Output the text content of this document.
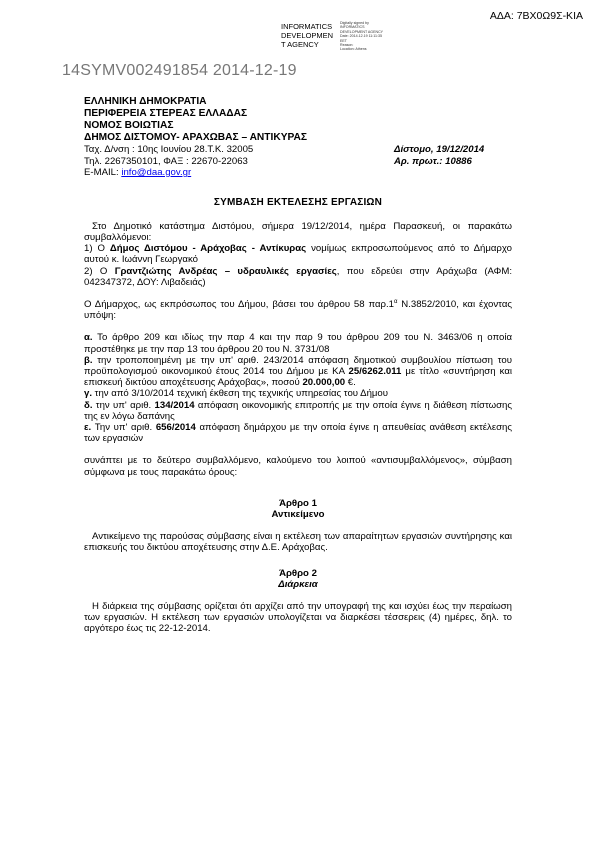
ΑΔΑ: 7ΒΧ0Ω9Σ-ΚΙΑ
INFORMATICS
DEVELOPMEN
T AGENCY
Digitally signed by
INFORMATICS
DEVELOPMENT AGENCY
Date: 2014.12.19 11:11:35
EET
Reason:
Location: Athens
14SYMV002491854 2014-12-19
ΕΛΛΗΝΙΚΗ ΔΗΜΟΚΡΑΤΙΑ
ΠΕΡΙΦΕΡΕΙΑ ΣΤΕΡΕΑΣ ΕΛΛΑΔΑΣ
ΝΟΜΟΣ ΒΟΙΩΤΙΑΣ
ΔΗΜΟΣ ΔΙΣΤΟΜΟΥ- ΑΡΑΧΩΒΑΣ – ΑΝΤΙΚΥΡΑΣ
Ταχ. Δ/νση : 10ης Ιουνίου 28.Τ.Κ. 32005	Δίστομο, 19/12/2014
Τηλ. 2267350101, ΦΑΞ : 22670-22063	Αρ. πρωτ.: 10886
E-MAIL: info@daa.gov.gr
ΣΥΜΒΑΣΗ ΕΚΤΕΛΕΣΗΣ ΕΡΓΑΣΙΩΝ

Στο Δημοτικό κατάστημα Διστόμου, σήμερα 19/12/2014, ημέρα Παρασκευή, οι παρακάτω συμβαλλόμενοι:

1) Ο Δήμος Διστόμου - Αράχοβας - Αντίκυρας νομίμως εκπροσωπούμενος από το Δήμαρχο αυτού κ. Ιωάννη Γεωργακό

2) Ο Γραντζιώτης Ανδρέας – υδραυλικές εργασίες, που εδρεύει στην Αράχωβα (ΑΦΜ: 042347372, ΔΟΥ: Λιβαδειάς)

Ο Δήμαρχος, ως εκπρόσωπος του Δήμου, βάσει του άρθρου 58 $\pi\alpha\rho.1^\alpha$ Ν.3852/2010, και έχοντας υπόψη:

α. Το άρθρο 209 και ιδίως την παρ 4 και την παρ 9 του άρθρου 209 του Ν. 3463/06 η οποία προστέθηκε με την παρ 13 του άρθρου 20 του Ν. 3731/08

β. την τροποποιημένη με την υπ' αριθ. 243/2014 απόφαση δημοτικού συμβουλίου πίστωση του προϋπολογισμού οικονομικού έτους 2014 του Δήμου με ΚΑ 25/6262.011 με τίτλο «συντήρηση και επισκευή δικτύου αποχέτευσης Αράχοβας», ποσού 20.000,00 €.

γ. την από 3/10/2014 τεχνική έκθεση της τεχνικής υπηρεσίας του Δήμου

δ. την υπ' αριθ. 134/2014 απόφαση οικονομικής επιτροπής με την οποία έγινε η διάθεση πίστωσης της εν λόγω δαπάνης

ε. Την υπ' αριθ. 656/2014 απόφαση δημάρχου με την οποία έγινε η απευθείας ανάθεση εκτέλεσης των εργασιών

συνάπτει με το δεύτερο συμβαλλόμενο, καλούμενο του λοιπού «αντισυμβαλλόμενος», σύμβαση σύμφωνα με τους παρακάτω όρους:

Άρθρο 1
Αντικείμενο

Αντικείμενο της παρούσας σύμβασης είναι η εκτέλεση των απαραίτητων εργασιών συντήρησης και επισκευής του δικτύου αποχέτευσης στην Δ.Ε. Αράχοβας.

Άρθρο 2
Διάρκεια

Η διάρκεια της σύμβασης ορίζεται ότι αρχίζει από την υπογραφή της και ισχύει έως την περαίωση των εργασιών. Η εκτέλεση των εργασιών υπολογίζεται να διαρκέσει τέσσερεις (4) ημέρες, δηλ. το αργότερο έως τις 22-12-2014.
